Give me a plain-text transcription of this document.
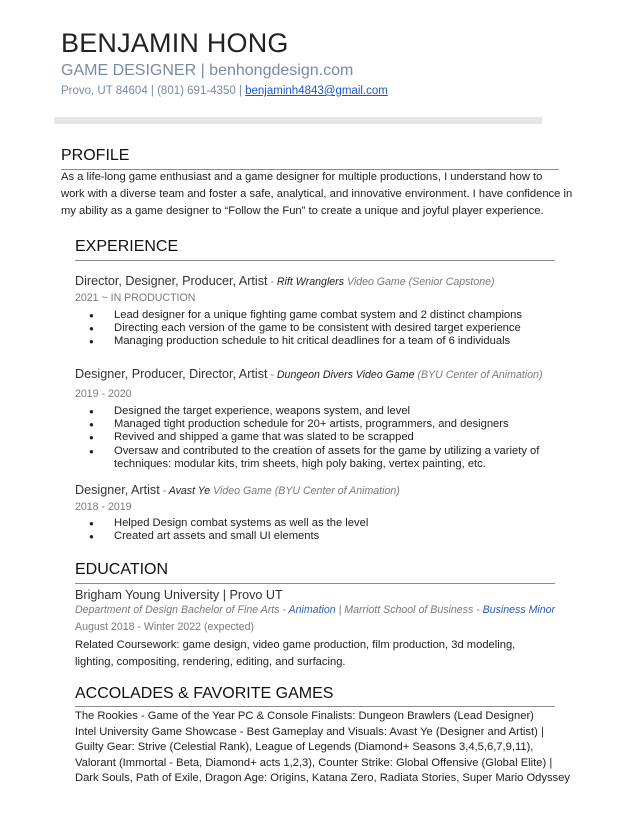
BENJAMIN HONG
GAME DESIGNER | benhongdesign.com
Provo, UT 84604 | (801) 691-4350 | benjaminh4843@gmail.com
PROFILE
As a life-long game enthusiast and a game designer for multiple productions, I understand how to
work with a diverse team and foster a safe, analytical, and innovative environment. I have confidence in
my ability as a game designer to “Follow the Fun” to create a unique and joyful player experience.
EXPERIENCE
Director, Designer, Producer, Artist - Rift Wranglers Video Game (Senior Capstone)
2021 ~ IN PRODUCTION
● Lead designer for a unique fighting game combat system and 2 distinct champions
● Directing each version of the game to be consistent with desired target experience
● Managing production schedule to hit critical deadlines for a team of 6 individuals
Designer, Producer, Director, Artist - Dungeon Divers Video Game (BYU Center of Animation)
2019 - 2020
● Designed the target experience, weapons system, and level
● Managed tight production schedule for 20+ artists, programmers, and designers
● Revived and shipped a game that was slated to be scrapped
● Oversaw and contributed to the creation of assets for the game by utilizing a variety of
techniques: modular kits, trim sheets, high poly baking, vertex painting, etc.
Designer, Artist - Avast Ye Video Game (BYU Center of Animation)
2018 - 2019
● Helped Design combat systems as well as the level
● Created art assets and small UI elements
EDUCATION
Brigham Young University | Provo UT
Department of Design Bachelor of Fine Arts - Animation | Marriott School of Business - Business Minor
August 2018 - Winter 2022 (expected)
Related Coursework: game design, video game production, film production, 3d modeling,
lighting, compositing, rendering, editing, and surfacing.
ACCOLADES & FAVORITE GAMES
The Rookies - Game of the Year PC & Console Finalists: Dungeon Brawlers (Lead Designer)
Intel University Game Showcase - Best Gameplay and Visuals: Avast Ye (Designer and Artist) |
Guilty Gear: Strive (Celestial Rank), League of Legends (Diamond+ Seasons 3,4,5,6,7,9,11),
Valorant (Immortal - Beta, Diamond+ acts 1,2,3), Counter Strike: Global Offensive (Global Elite) |
Dark Souls, Path of Exile, Dragon Age: Origins, Katana Zero, Radiata Stories, Super Mario Odyssey
